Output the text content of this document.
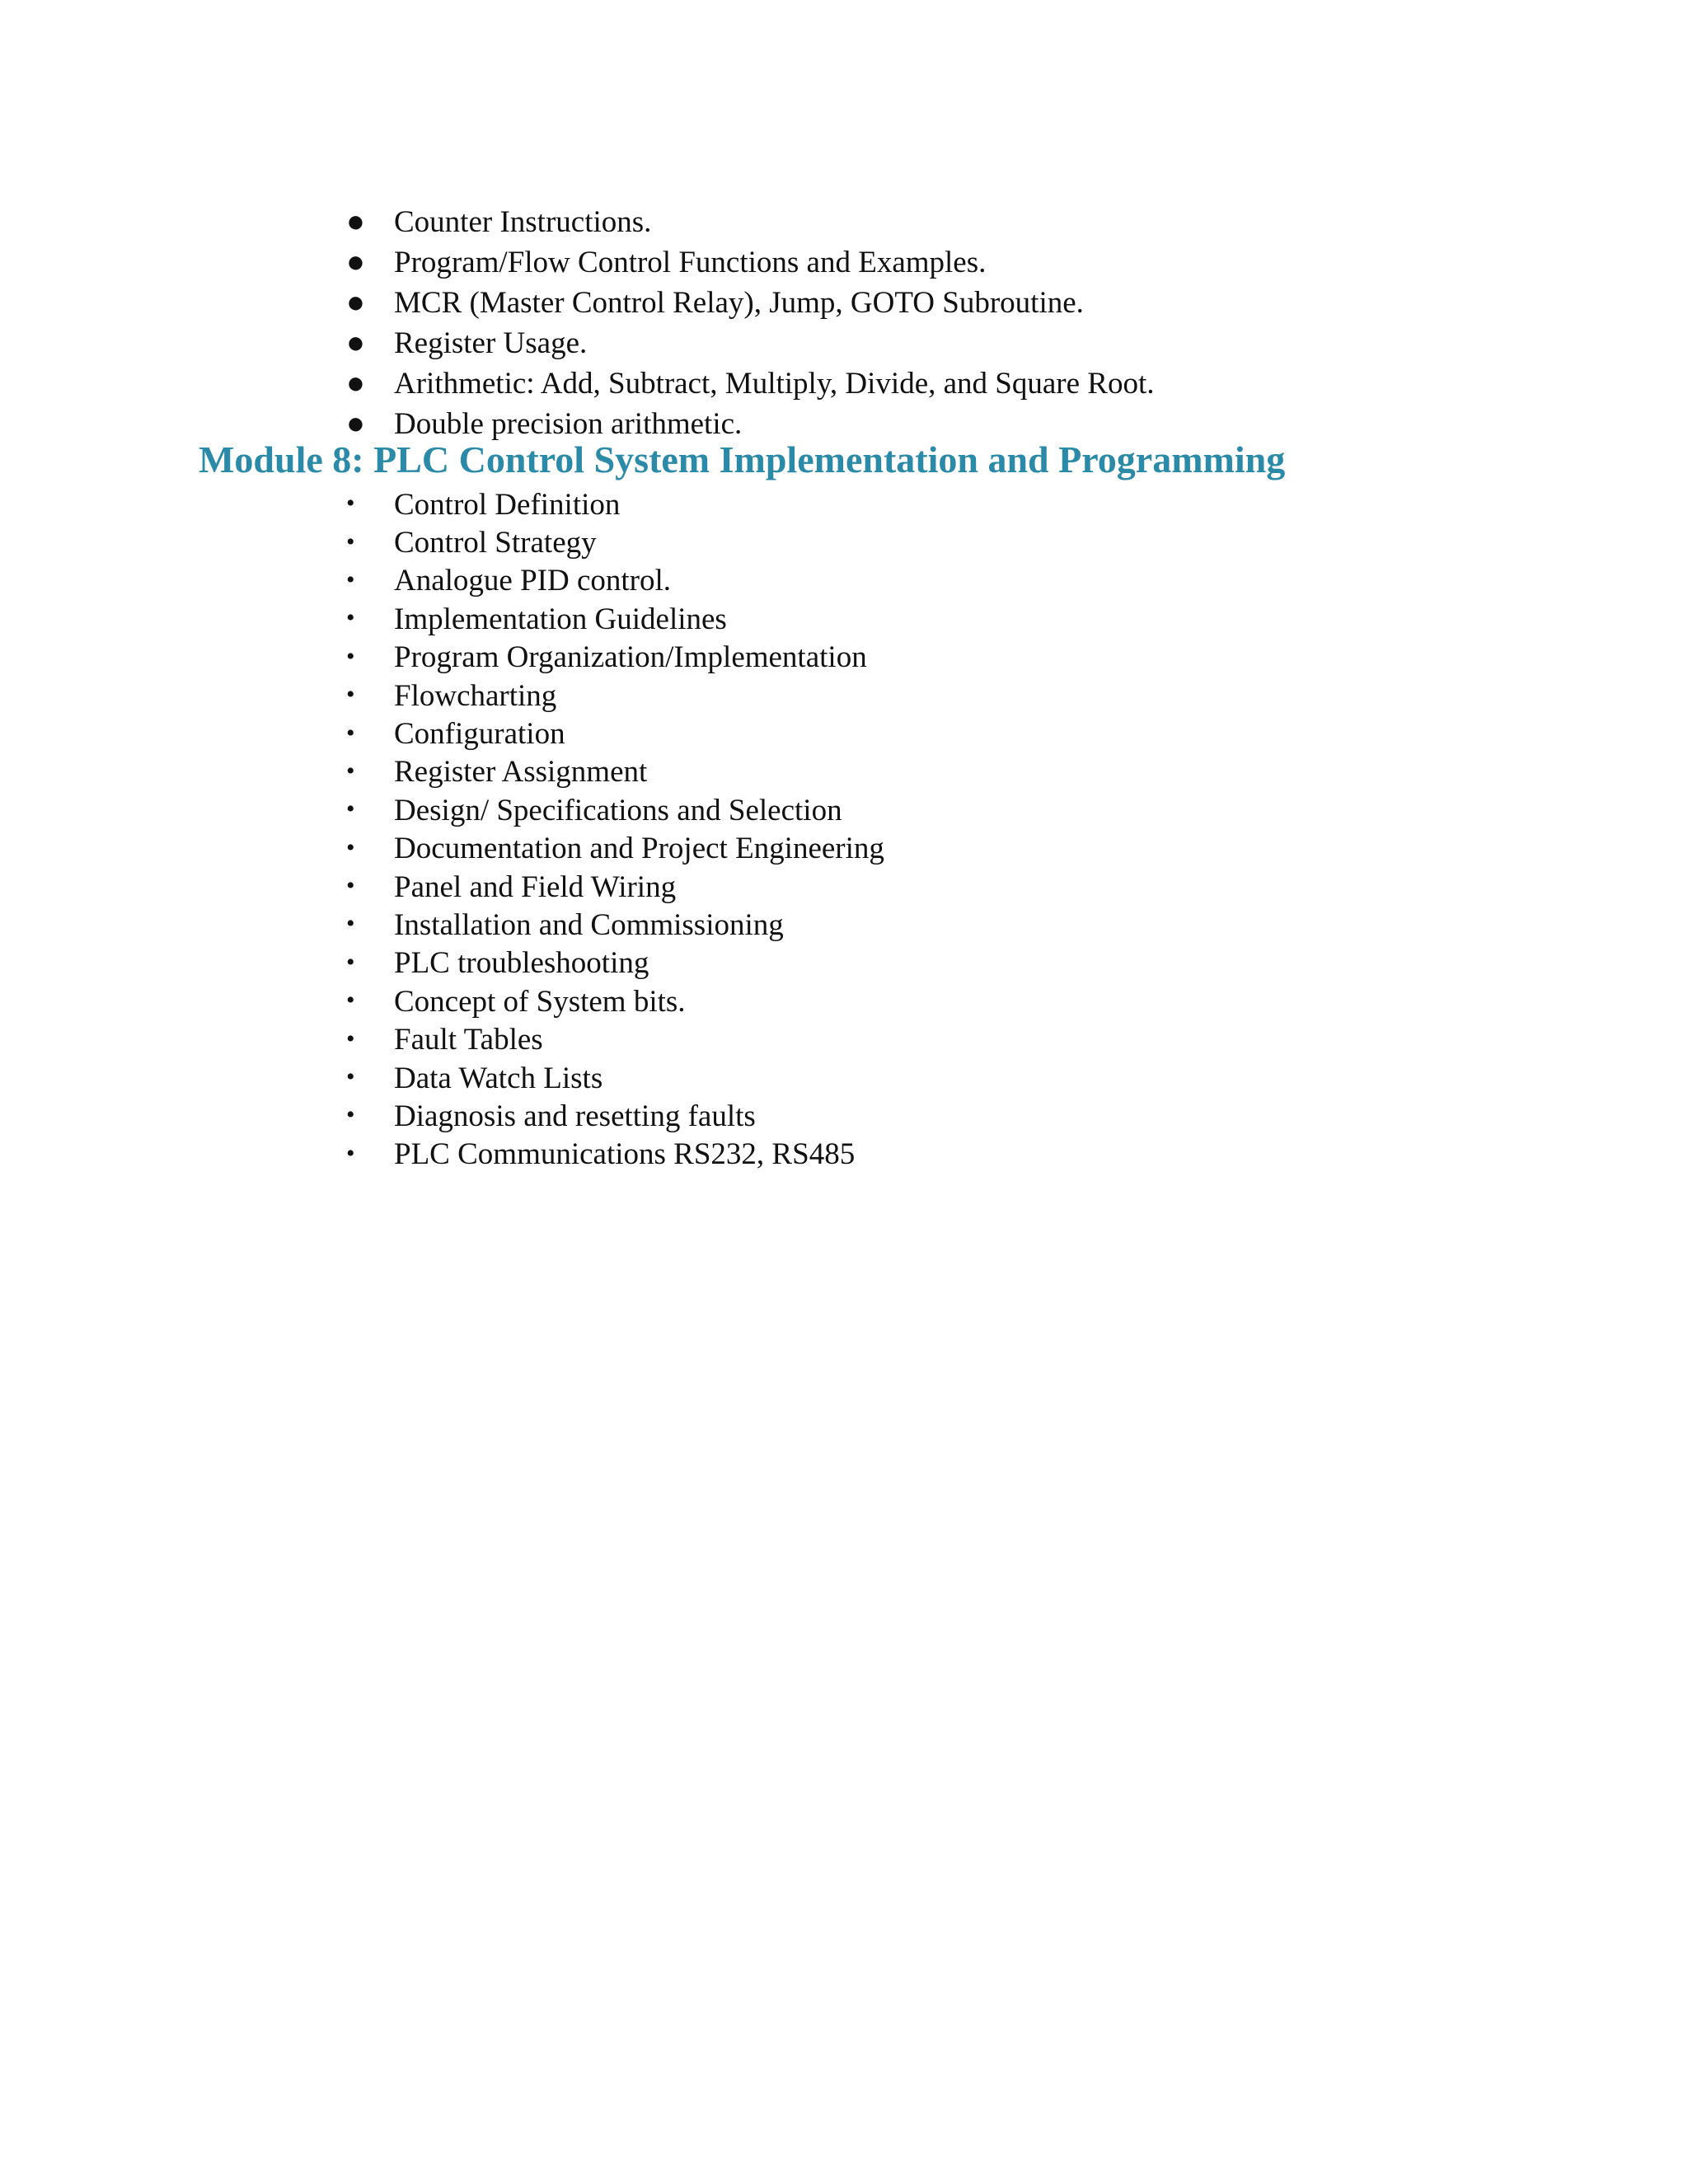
● Counter Instructions.
● Program/Flow Control Functions and Examples.
● MCR (Master Control Relay), Jump, GOTO Subroutine.
● Register Usage.
● Arithmetic: Add, Subtract, Multiply, Divide, and Square Root.
● Double precision arithmetic.
Module 8: PLC Control System Implementation and Programming
•	Control Definition
•	Control Strategy
•	Analogue PID control.
•	Implementation Guidelines
•	Program Organization/Implementation
•	Flowcharting
•	Configuration
•	Register Assignment
•	Design/ Specifications and Selection
•	Documentation and Project Engineering
•	Panel and Field Wiring
•	Installation and Commissioning
•	PLC troubleshooting
•	Concept of System bits.
•	Fault Tables
•	Data Watch Lists
•	Diagnosis and resetting faults
•	PLC Communications RS232, RS485
